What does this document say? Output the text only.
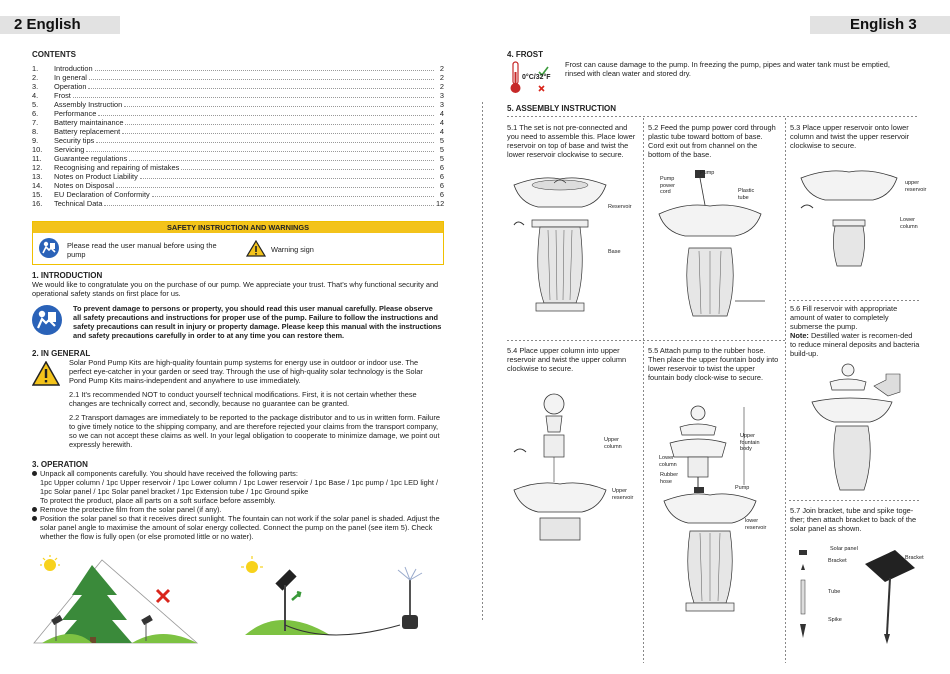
2 English	English 3

CONTENTS

1.	Introduction	2
2.	In general	2
3.	Operation	2
4.	Frost	3
5.	Assembly Instruction	3
6.	Performance	4
7.	Battery maintainance	4
8.	Battery replacement	4
9.	Security tips	5
10.	Servicing	5
11.	Guarantee regulations	5
12.	Recognising and repairing of mistakes	6
13.	Notes on Product Liability	6
14.	Notes on Disposal	6
15.	EU Declaration of Conformity	6
16.	Technical Data	12
SAFETY INSTRUCTION AND WARNINGS
Please read the user manual before using the pump
Warning sign

1. INTRODUCTION

We would like to congratulate you on the purchase of our pump. We appreciate your trust. That’s why functional security and operational safety stands on first place for us.

To prevent damage to persons or property, you should read this user manual carefully. Please observe all safety precautions and instructions for proper use of the pump. Failure to follow the instructions and safety precautions can result in injury or property damage. Please keep this manual with the instructions and safety precautions carefully in order to at any time you can restore them.

2. IN GENERAL

Solar Pond Pump Kits are high-quality fountain pump systems for energy use in outdoor or indoor use. The perfect eye-catcher in your garden or seed tray. Through the use of high-quality solar technology is the Solar Pond Pump Kits mains-independent and anywhere to use immediately.
2.1 It’s recommended NOT to conduct yourself technical modifications. First, it is not certain whether these changes are technically correct and, secondly, because no guarantee can be granted.
2.2 Transport damages are immediately to be reported to the package distributor and to us in written form. Failure to give timely notice to the shipping company, and are therefore rejected your claims from the transport company, so we can not accept these claims as well. In your legal obligation to cooperate to minimize damage, we point out expressly herewith.

3. OPERATION

Unpack all components carefully. You should have received the following parts:

1pc Upper column / 1pc Upper reservoir / 1pc Lower column / 1pc Lower reservoir / 1pc Base / 1pc pump / 1pc LED light / 1pc Solar panel / 1pc Solar panel bracket / 1pc Extension tube / 1pc Ground spike

To protect the product, place all parts on a soft surface before assembly.

Remove the protective film from the solar panel (if any).

Position the solar panel so that it receives direct sunlight. The fountain can not work if the solar panel is shaded. Adjust the solar panel angle to maximise the amount of solar energy collected. Connect the pump on the panel (see item 5). Check whether the flow is fully open (or else promoted little or no water).

4. FROST

0°C/32°F
Frost can cause damage to the pump. In freezing the pump, pipes and water tank must be emptied, rinsed with clean water and stored dry.

5. ASSEMBLY INSTRUCTION

5.1 The set is not pre-connected and you need to assemble this. Place lower reservoir on top of base and twist the lower reservoir clockwise to secure.
5.2 Feed the pump power cord through plastic tube toward bottom of base. Cord exit out from channel on the bottom of the base.
5.3 Place upper reservoir onto lower column and twist the upper reservoir clockwise to secure.
5.4 Place upper column into upper reservoir and twist the upper column clockwise to secure.
5.5 Attach pump to the rubber hose. Then place the upper fountain body into lower reservoir to twist the upper fountain body clock-wise to secure.

5.6 Fill reservoir with appropriate amount of water to completely submerse the pump.

Note: Destilled water is recomen-ded to reduce mineral deposits and bacteria build-up.

5.7 Join bracket, tube and spike toge-ther; then attach bracket to back of the solar panel as shown.
Reservoir
Base
Pump
Pump power cord	Plastic tube
upper reservoir
Lower column
Upper column
Upper reservoir
Upper fountain body
Lower column
Rubber hose
Pump
lower reservoir
Solar panel
Bracket	Bracket
Tube
Spike
